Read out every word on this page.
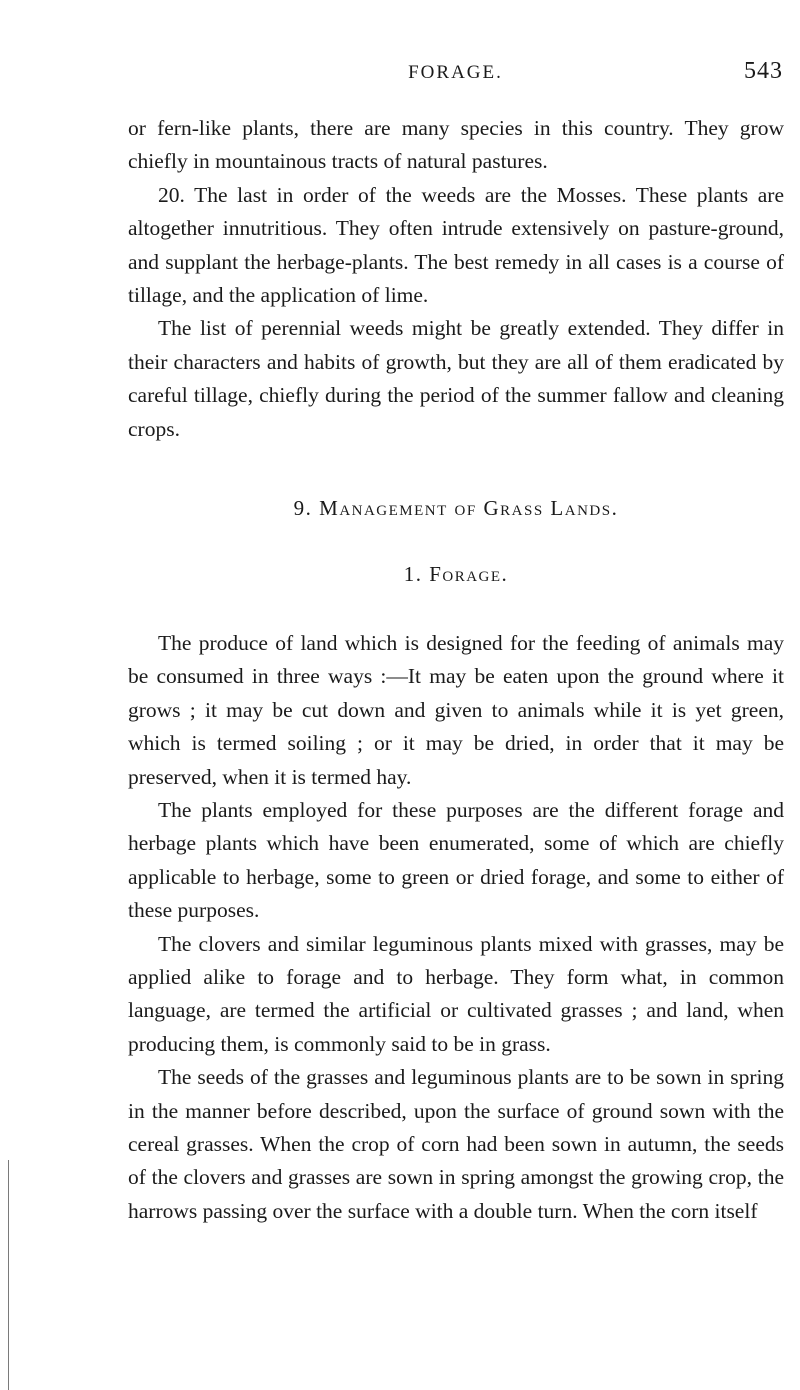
FORAGE.	543

or fern-like plants, there are many species in this country. They grow chiefly in mountainous tracts of natural pastures.

20. The last in order of the weeds are the Mosses. These plants are altogether innutritious. They often intrude extensively on pasture-ground, and supplant the herbage-plants. The best remedy in all cases is a course of tillage, and the application of lime.

The list of perennial weeds might be greatly extended. They differ in their characters and habits of growth, but they are all of them eradicated by careful tillage, chiefly during the period of the summer fallow and cleaning crops.

9. Management of Grass Lands.

1. Forage.

The produce of land which is designed for the feeding of animals may be consumed in three ways :—It may be eaten upon the ground where it grows ; it may be cut down and given to animals while it is yet green, which is termed soiling ; or it may be dried, in order that it may be preserved, when it is termed hay.

The plants employed for these purposes are the different forage and herbage plants which have been enumerated, some of which are chiefly applicable to herbage, some to green or dried forage, and some to either of these purposes.

The clovers and similar leguminous plants mixed with grasses, may be applied alike to forage and to herbage. They form what, in common language, are termed the artificial or cultivated grasses ; and land, when producing them, is commonly said to be in grass.

The seeds of the grasses and leguminous plants are to be sown in spring in the manner before described, upon the surface of ground sown with the cereal grasses. When the crop of corn had been sown in autumn, the seeds of the clovers and grasses are sown in spring amongst the growing crop, the harrows passing over the surface with a double turn. When the corn itself
